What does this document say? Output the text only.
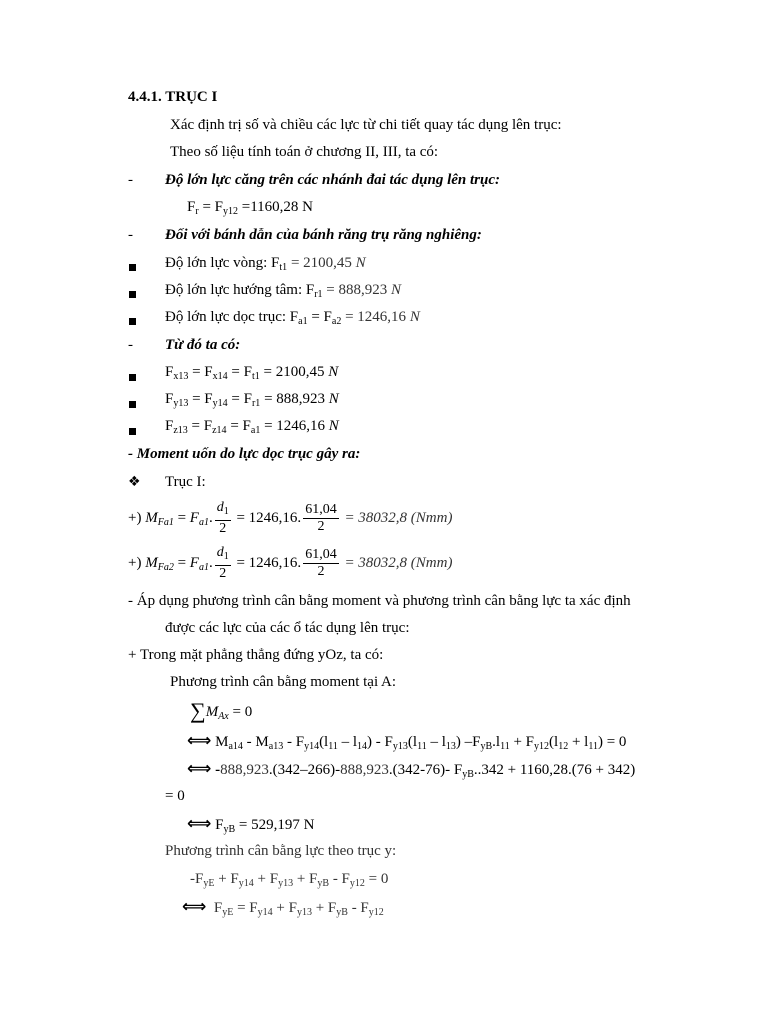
4.4.1. TRỤC I
Xác định trị số và chiều các lực từ chi tiết quay tác dụng lên trục:
Theo số liệu tính toán ở chương II, III, ta có:
- Độ lớn lực căng trên các nhánh đai tác dụng lên trục:
$F_r = F_{y12} =1160,28$ N
- Đối với bánh dẫn của bánh răng trụ răng nghiêng:
Độ lớn lực vòng: $F_{t1} = 2100,45$ N
Độ lớn lực hướng tâm: $F_{r1} = 888,923$ N
Độ lớn lực dọc trục: $F_{a1} = F_{a2} = 1246,16$ N
- Từ đó ta có:
$F_{x13} = F_{x14} = F_{t1} = 2100,45$ N
$F_{y13} = F_{y14} = F_{r1} = 888,923$ N
$F_{z13} = F_{z14} = F_{a1} = 1246,16$ N
- Moment uốn do lực dọc trục gây ra:
❖ Trục I:
+) $M_{Fa1} = F_{a1}$. $\frac{d_1}{2} = 1246,16$. $\frac{61,04}{2} = 38032,8$ (Nmm)
+) $M_{Fa2} = F_{a1}$. $\frac{d_1}{2} = 1246,16$. $\frac{61,04}{2} = 38032,8$ (Nmm)
- Áp dụng phương trình cân bằng moment và phương trình cân bằng lực ta xác định
được các lực của các ổ tác dụng lên trục:
+ Trong mặt phẳng thẳng đứng yOz, ta có:
Phương trình cân bằng moment tại A:
$\sum M_{Ax} = 0$
⟺ $M_{a14} - M_{a13} - F_{y14}(l_{11} - l_{14}) - F_{y13}(l_{11} - l_{13}) -F_{yB}.l_{11} + F_{y12}(l_{12} + l_{11}) = 0$
⟺ -888,923.(342–266)-888,923.(342-76)- $F_{yB}..342 + 1160,28.(76 + 342)$
= 0
⟺ $F_{yB} = 529,197$ N
Phương trình cân bằng lực theo trục y:
$-F_{yE} + F_{y14} + F_{y13} + F_{yB} - F_{y12} = 0$
⟺ $F_{yE} = F_{y14} + F_{y13} + F_{yB} - F_{y12}$
